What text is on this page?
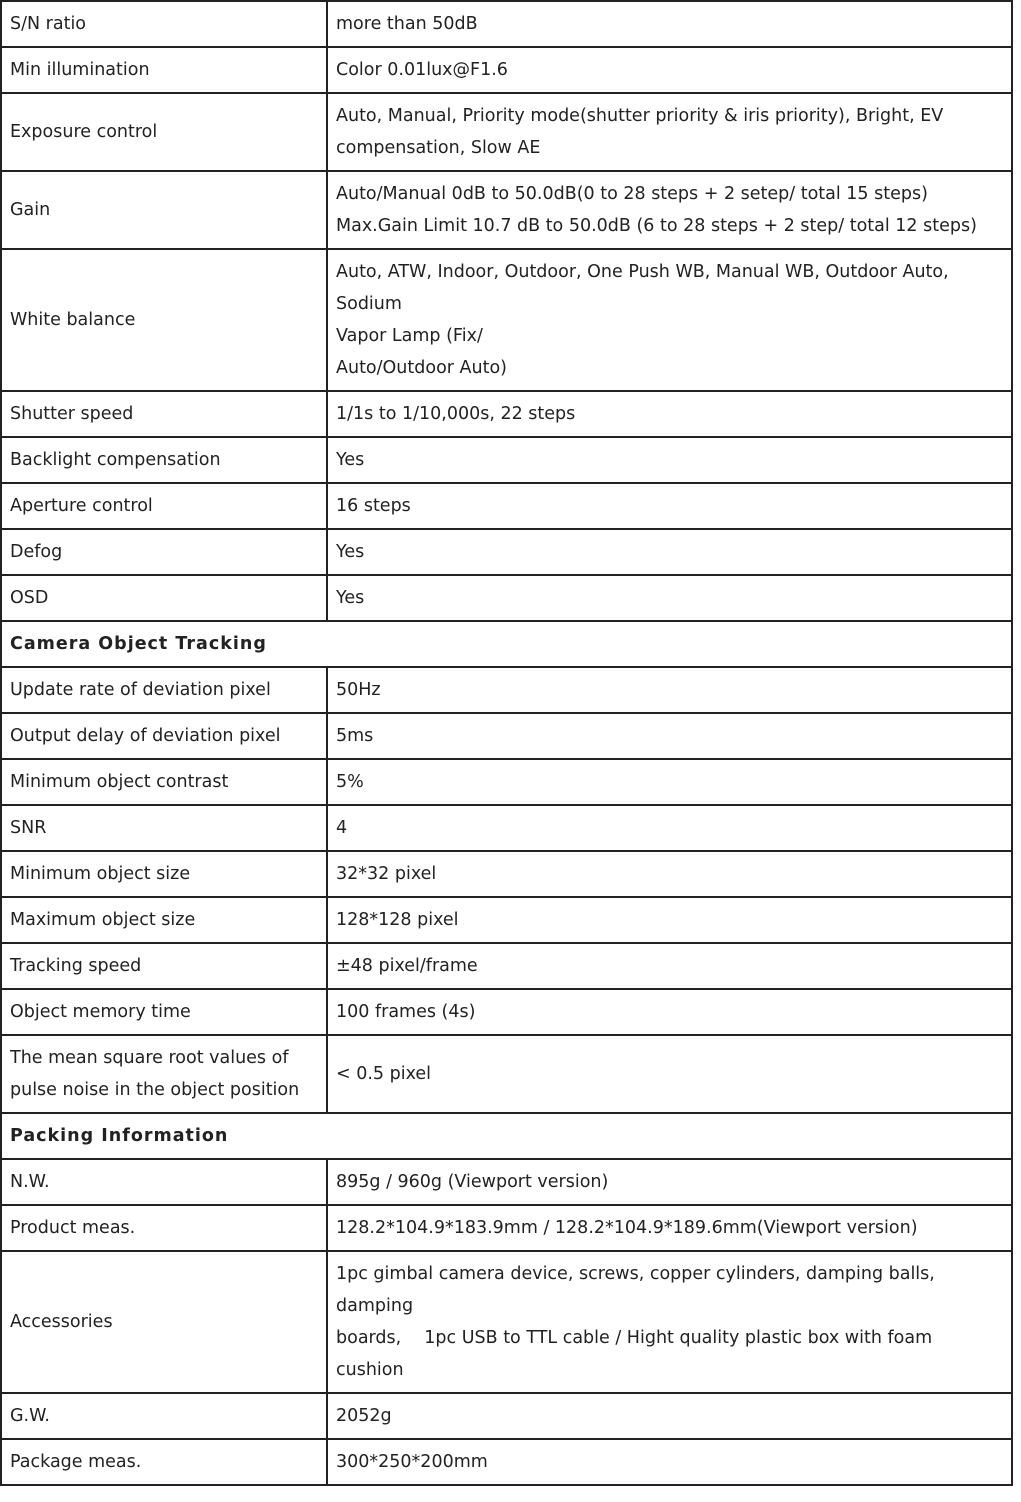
S/N ratio	more than 50dB

Min illumination	Color 0.01lux@F1.6

Exposure control	Auto, Manual, Priority mode(shutter priority & iris priority), Bright, EV
compensation, Slow AE

Gain	Auto/Manual 0dB to 50.0dB(0 to 28 steps + 2 setep/ total 15 steps)
Max.Gain Limit 10.7 dB to 50.0dB (6 to 28 steps + 2 step/ total 12 steps)

White balance	Auto, ATW, Indoor, Outdoor, One Push WB, Manual WB, Outdoor Auto, Sodium
Vapor Lamp (Fix/
Auto/Outdoor Auto)

Shutter speed	1/1s to 1/10,000s, 22 steps

Backlight compensation	Yes

Aperture control	16 steps

Defog	Yes

OSD	Yes

Camera Object Tracking	
Update rate of deviation pixel	50Hz

Output delay of deviation pixel	5ms

Minimum object contrast	5%

SNR	4

Minimum object size	32*32 pixel

Maximum object size	128*128 pixel

Tracking speed	±48 pixel/frame

Object memory time	100 frames (4s)

The mean square root values of pulse noise in the object position	< 0.5 pixel

Packing Information	
N.W.	895g / 960g (Viewport version)

Product meas.	128.2*104.9*183.9mm / 128.2*104.9*189.6mm(Viewport version)

Accessories	1pc gimbal camera device, screws, copper cylinders, damping balls, damping
boards,　 1pc USB to TTL cable / Hight quality plastic box with foam cushion

G.W.	2052g

Package meas.	300*250*200mm
